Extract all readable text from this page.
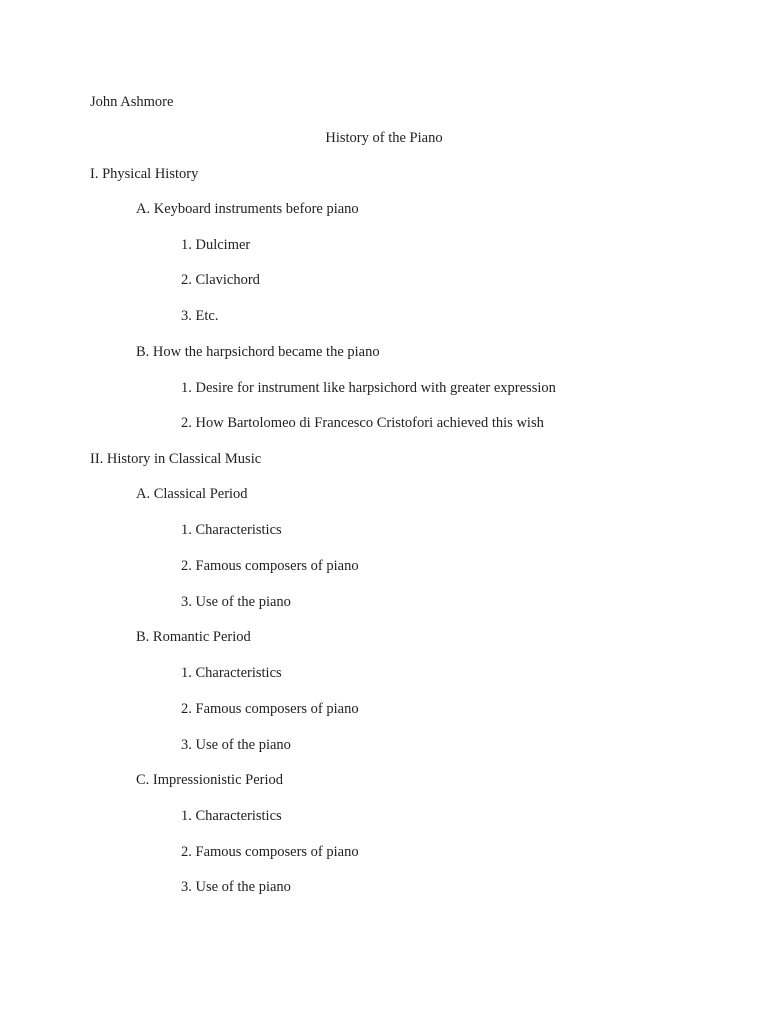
John Ashmore
History of the Piano
I. Physical History
A. Keyboard instruments before piano
1. Dulcimer
2. Clavichord
3. Etc.
B. How the harpsichord became the piano
1. Desire for instrument like harpsichord with greater expression
2. How Bartolomeo di Francesco Cristofori achieved this wish
II. History in Classical Music
A. Classical Period
1. Characteristics
2. Famous composers of piano
3. Use of the piano
B. Romantic Period
1. Characteristics
2. Famous composers of piano
3. Use of the piano
C. Impressionistic Period
1. Characteristics
2. Famous composers of piano
3. Use of the piano
